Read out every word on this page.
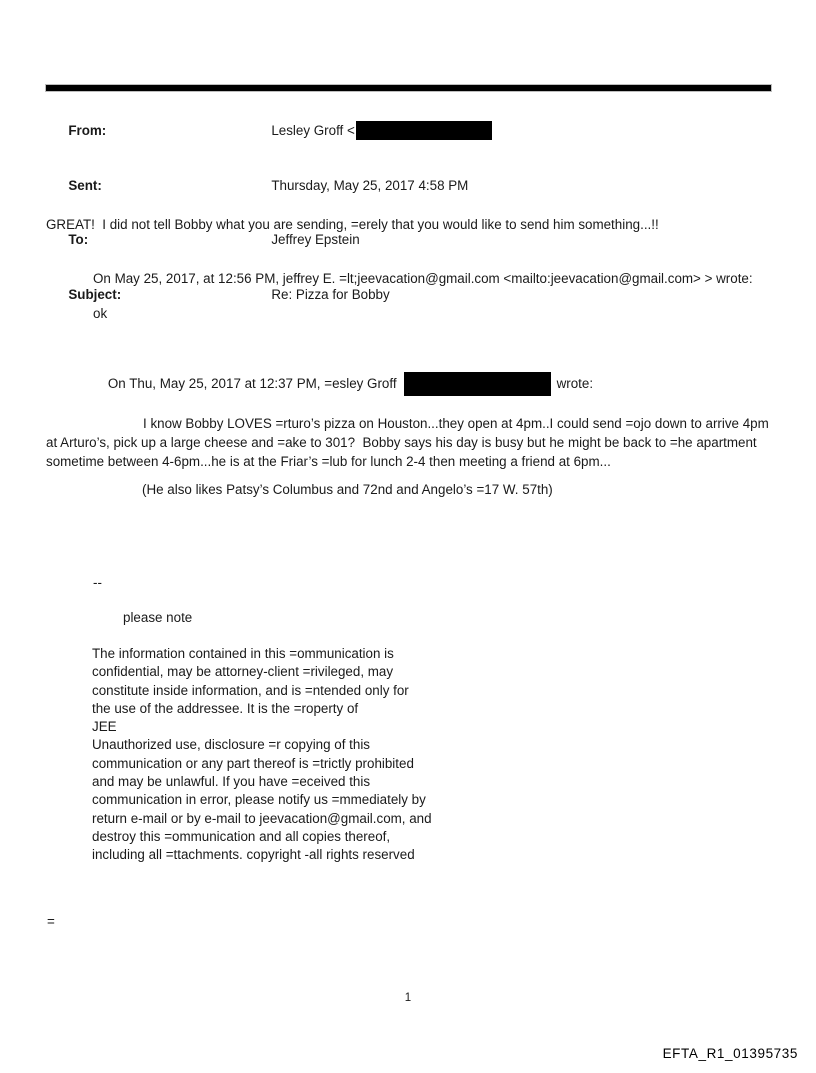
From:	Lesley Groff <

Sent:	Thursday, May 25, 2017 4:58 PM

To:	Jeffrey Epstein

Subject:	Re: Pizza for Bobby

GREAT!  I did not tell Bobby what you are sending, =erely that you would like to send him something...!!
On May 25, 2017, at 12:56 PM, jeffrey E. =lt;jeevacation@gmail.com <mailto:jeevacation@gmail.com> > wrote:
ok

On Thu, May 25, 2017 at 12:37 PM, =esley Groff	wrote:

I know Bobby LOVES =rturo’s pizza on Houston...they open at 4pm..I could send =ojo down to arrive 4pm
at Arturo’s, pick up a large cheese and =ake to 301?  Bobby says his day is busy but he might be back to =he apartment
sometime between 4-6pm...he is at the Friar’s =lub for lunch 2-4 then meeting a friend at 6pm...
(He also likes Patsy’s Columbus and 72nd and Angelo’s =17 W. 57th)
--
please note
The information contained in this =ommunication is
confidential, may be attorney-client =rivileged, may
constitute inside information, and is =ntended only for
the use of the addressee. It is the =roperty of
JEE
Unauthorized use, disclosure =r copying of this
communication or any part thereof is =trictly prohibited
and may be unlawful. If you have =eceived this
communication in error, please notify us =mmediately by
return e-mail or by e-mail to jeevacation@gmail.com, and
destroy this =ommunication and all copies thereof,
including all =ttachments. copyright -all rights reserved
=
1
EFTA_R1_01395735
